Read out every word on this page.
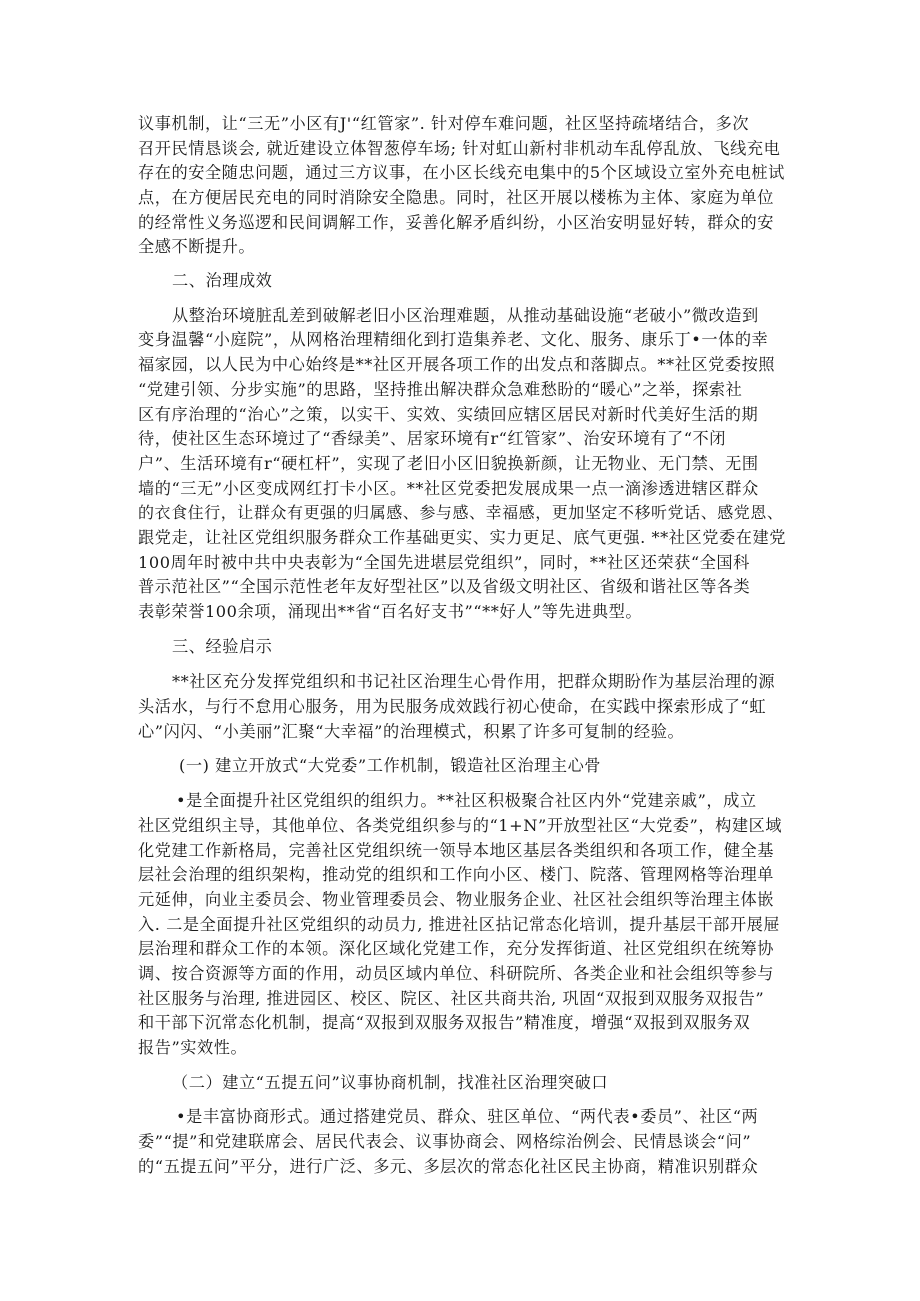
议事机制，让“三无”小区有J'“红管家”. 针对停车难问题，社区坚持疏堵结合，多次
召开民情恳谈会, 就近建设立体智葱停车场; 针对虹山新村非机动车乱停乱放、飞线充电
存在的安全随忠问题，通过三方议事，在小区长线充电集中的5个区域设立室外充电桩试
点，在方便居民充电的同时消除安全隐患。同时，社区开展以楼栋为主体、家庭为单位
的经常性义务巡逻和民间调解工作，妥善化解矛盾纠纷，小区治安明显好转，群众的安
全感不断提升。
二、治理成效
从整治环境脏乱差到破解老旧小区治理难题，从推动基础设施“老破小”微改造到
变身温馨“小庭院”，从网格治理精细化到打造集养老、文化、服务、康乐丁•一体的幸
福家园，以人民为中心始终是**社区开展各项工作的出发点和落脚点。**社区党委按照
“党建引领、分步实施”的思路，坚持推出解决群众急难愁盼的“暖心”之举，探索社
区有序治理的“治心”之策，以实干、实效、实绩回应辖区居民对新时代美好生活的期
待，使社区生态环境过了“香绿美”、居家环境有r“红管家”、治安环境有了“不闭
户”、生活环境有r“硬杠杆”，实现了老旧小区旧貌换新颜，让无物业、无门禁、无围
墙的“三无”小区变成网红打卡小区。**社区党委把发展成果一点一滴渗透进辖区群众
的衣食住行，让群众有更强的归属感、参与感、幸福感，更加坚定不移听党话、感党恩、
跟党走，让社区党组织服务群众工作基础更实、实力更足、底气更强. **社区党委在建党
100周年时被中共中央表彰为“全国先进堪层党组织”，同时，**社区还荣获“全国科
普示范社区”“全国示范性老年友好型社区”以及省级文明社区、省级和谐社区等各类
表彰荣誉100余项，涌现出**省“百名好支书”“**好人”等先进典型。
三、经验启示
**社区充分发挥党组织和书记社区治理生心骨作用，把群众期盼作为基层治理的源
头活水，与行不怠用心服务，用为民服务成效践行初心使命，在实践中探索形成了“虹
心”闪闪、“小美丽”汇聚“大幸福”的治理模式，积累了许多可复制的经验。
(一) 建立开放式“大党委”工作机制，锻造社区治理主心骨
•是全面提升社区党组织的组织力。**社区积极聚合社区内外“党建亲戚”，成立
社区党组织主导，其他单位、各类党组织参与的“1+N”开放型社区“大党委”，构建区域
化党建工作新格局，完善社区党组织统一领导本地区基层各类组织和各项工作，健全基
层社会治理的组织架构，推动党的组织和工作向小区、楼门、院落、管理网格等治理单
元延伸，向业主委员会、物业管理委员会、物业服务企业、社区社会组织等治理主体嵌
入. 二是全面提升社区党组织的动员力, 推进社区拈记常态化培训，提升基层干部开展屉
层治理和群众工作的本领。深化区域化党建工作，充分发挥街道、社区党组织在统筹协
调、按合资源等方面的作用，动员区域内单位、科研院所、各类企业和社会组织等参与
社区服务与治理, 推进园区、校区、院区、社区共商共治, 巩固“双报到双服务双报告”
和干部下沉常态化机制，提高“双报到双服务双报告”精准度，增强“双报到双服务双
报告”实效性。
（二）建立“五提五问”议事协商机制，找准社区治理突破口
•是丰富协商形式。通过搭建党员、群众、驻区单位、“两代表•委员”、社区“两
委”“提”和党建联席会、居民代表会、议事协商会、网格综治例会、民情恳谈会“问”
的“五提五问”平分，进行广泛、多元、多层次的常态化社区民主协商，精准识别群众
